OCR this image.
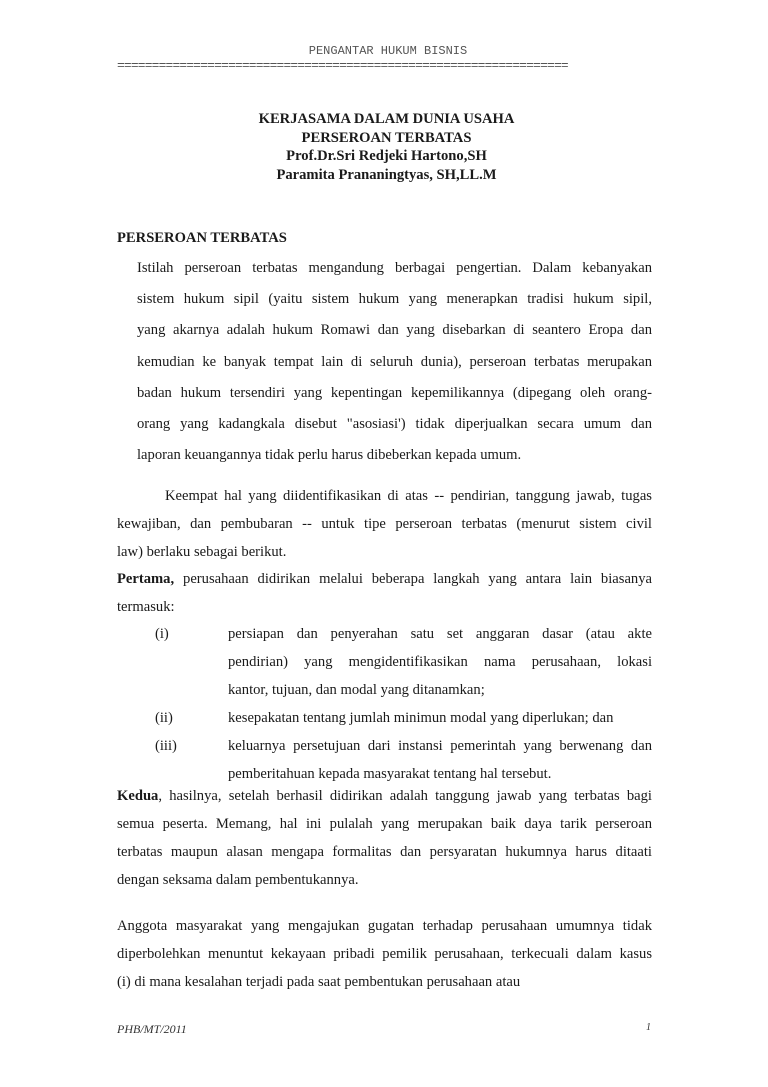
PENGANTAR HUKUM BISNIS
=================================================================
KERJASAMA DALAM DUNIA USAHA
PERSEROAN TERBATAS
Prof.Dr.Sri Redjeki Hartono,SH
Paramita Prananingtyas, SH,LL.M
PERSEROAN TERBATAS
Istilah perseroan terbatas mengandung berbagai pengertian. Dalam kebanyakan
sistem hukum sipil (yaitu sistem hukum yang menerapkan tradisi hukum sipil,
yang akarnya adalah hukum Romawi dan yang disebarkan di seantero Eropa dan
kemudian ke banyak tempat lain di seluruh dunia), perseroan terbatas merupakan
badan hukum tersendiri yang kepentingan kepemilikannya (dipegang oleh orang-
orang yang kadangkala disebut "asosiasi') tidak diperjualkan secara umum dan
laporan keuangannya tidak perlu harus dibeberkan kepada umum.
Keempat hal yang diidentifikasikan di atas -- pendirian, tanggung jawab, tugas
kewajiban, dan pembubaran -- untuk tipe perseroan terbatas (menurut sistem civil
law) berlaku sebagai berikut.
Pertama, perusahaan didirikan melalui beberapa langkah yang antara lain biasanya
termasuk:
(i)	persiapan dan penyerahan satu set anggaran dasar (atau akte
pendirian) yang mengidentifikasikan nama perusahaan, lokasi
kantor, tujuan, dan modal yang ditanamkan;
(ii)	kesepakatan tentang jumlah minimun modal yang diperlukan; dan
(iii)	keluarnya persetujuan dari instansi pemerintah yang berwenang dan
pemberitahuan kepada masyarakat tentang hal tersebut.
Kedua, hasilnya, setelah berhasil didirikan adalah tanggung jawab yang terbatas bagi
semua peserta. Memang, hal ini pulalah yang merupakan baik daya tarik perseroan
terbatas maupun alasan mengapa formalitas dan persyaratan hukumnya harus ditaati
dengan seksama dalam pembentukannya.
Anggota masyarakat yang mengajukan gugatan terhadap perusahaan umumnya tidak
diperbolehkan menuntut kekayaan pribadi pemilik perusahaan, terkecuali dalam kasus
(i) di mana kesalahan terjadi pada saat pembentukan perusahaan atau
PHB/MT/2011	1
